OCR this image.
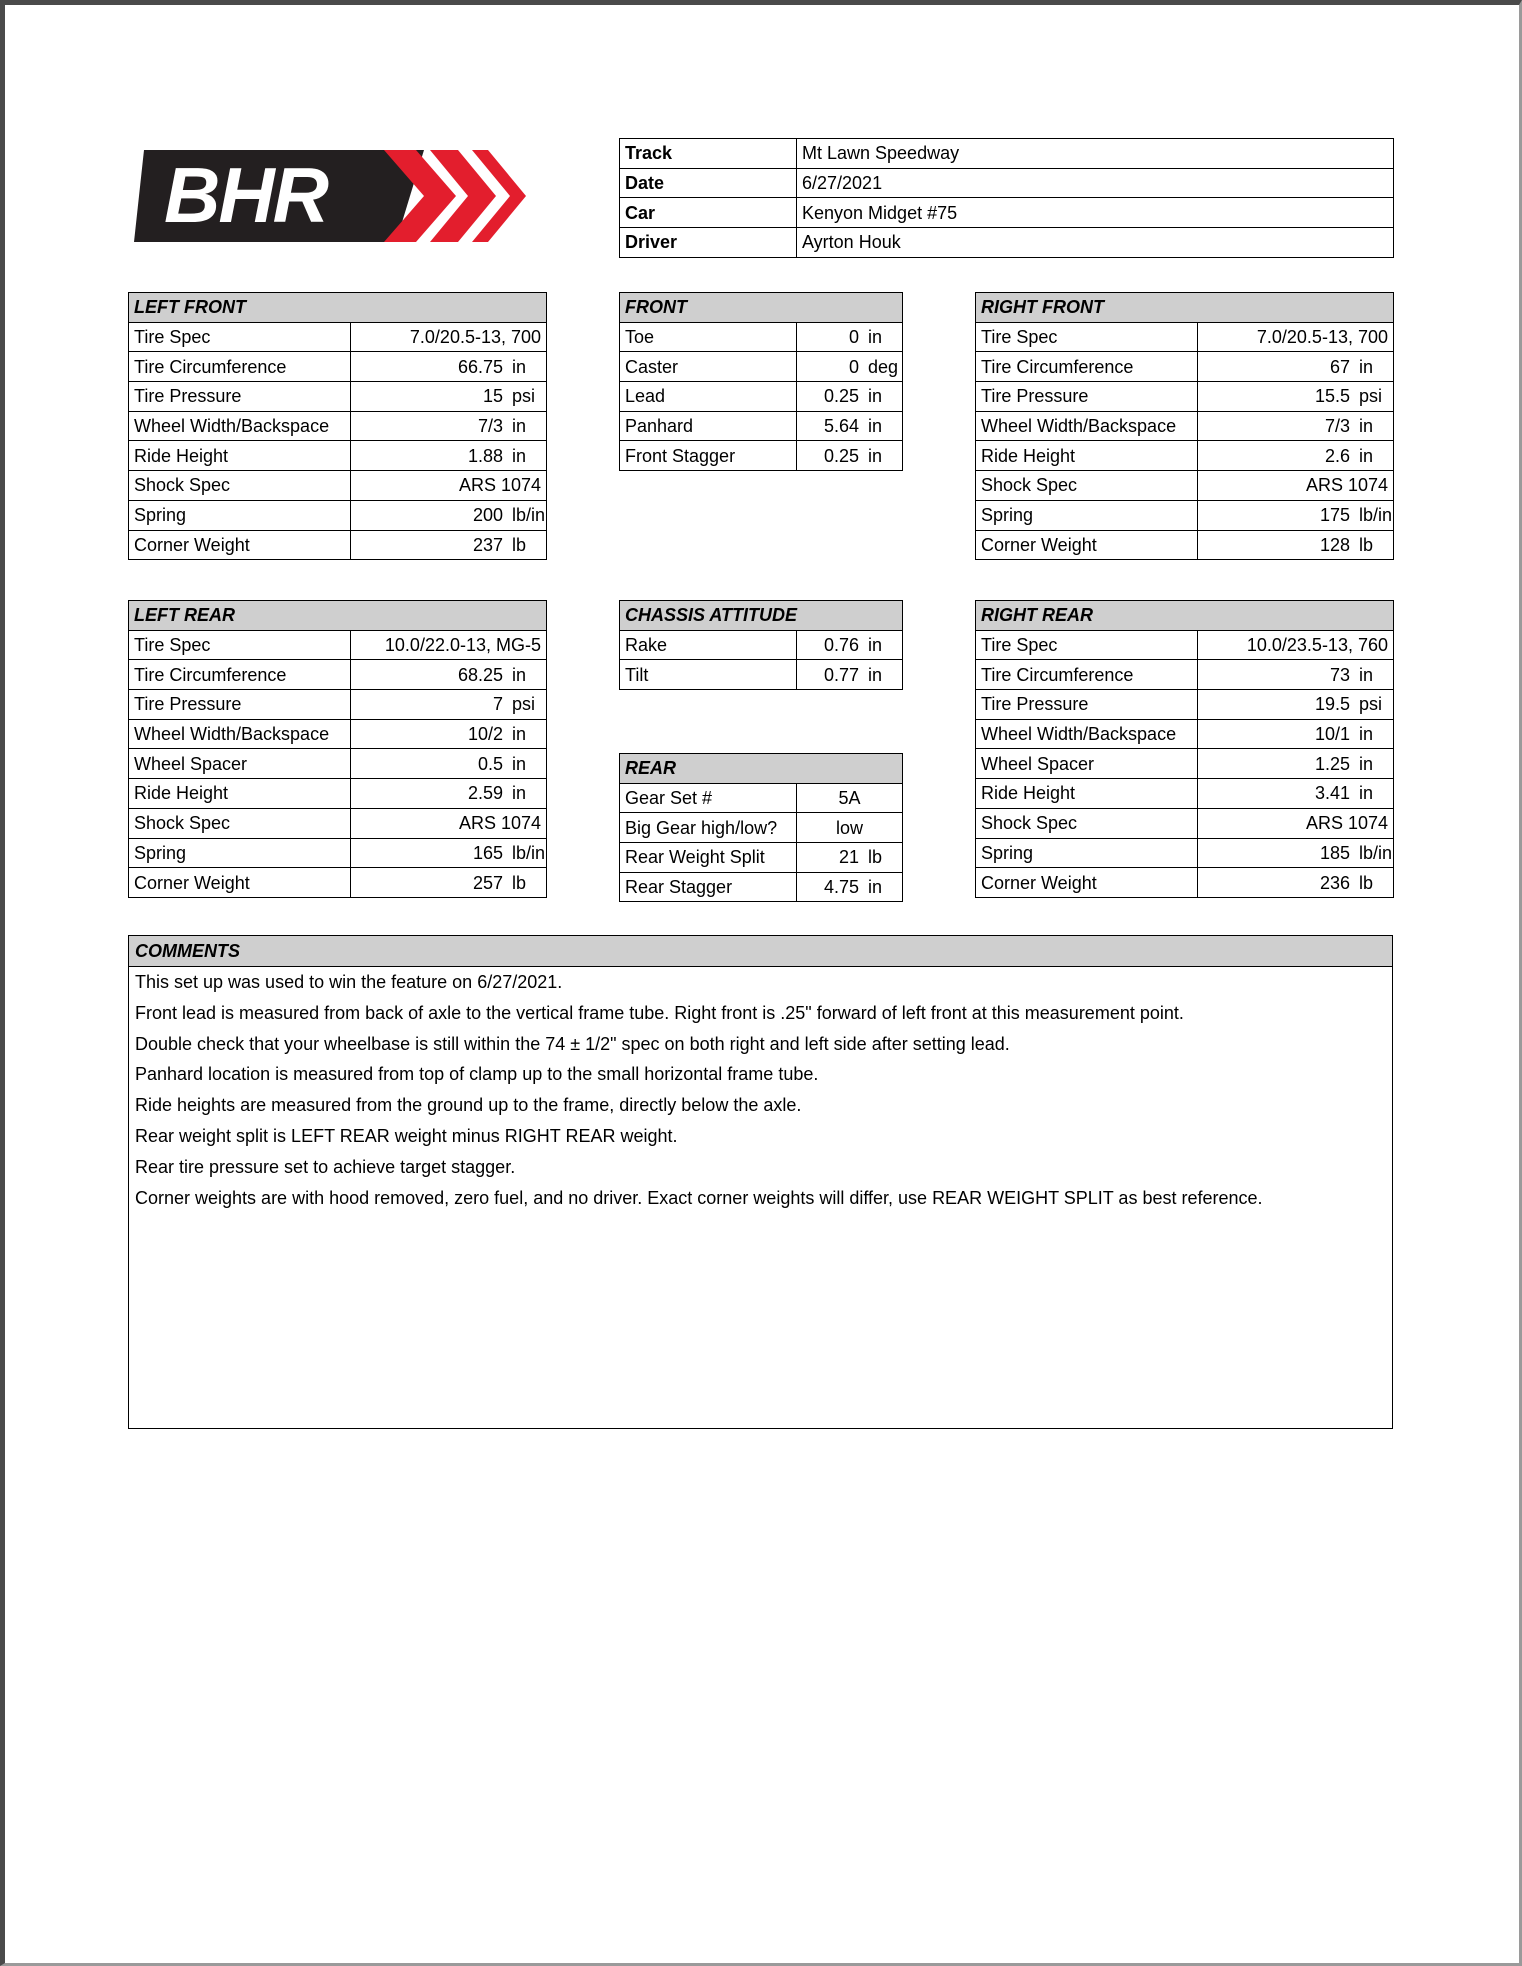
BHR	Track	Mt Lawn Speedway
Date	6/27/2021
Car	Kenyon Midget #75
Driver	Ayrton Houk
LEFT FRONT	
Tire Spec	7.0/20.5-13, 700
Tire Circumference	66.75 in
Tire Pressure	15 psi
Wheel Width/Backspace	7/3 in
Ride Height	1.88 in
Shock Spec	ARS 1074
Spring	200 lb/in
Corner Weight	237 lb
FRONT	
Toe	0 in
Caster	0 deg
Lead	0.25 in
Panhard	5.64 in
Front Stagger	0.25 in
RIGHT FRONT	
Tire Spec	7.0/20.5-13, 700
Tire Circumference	67 in
Tire Pressure	15.5 psi
Wheel Width/Backspace	7/3 in
Ride Height	2.6 in
Shock Spec	ARS 1074
Spring	175 lb/in
Corner Weight	128 lb
LEFT REAR	
Tire Spec	10.0/22.0-13, MG-5
Tire Circumference	68.25 in
Tire Pressure	7 psi
Wheel Width/Backspace	10/2 in
Wheel Spacer	0.5 in
Ride Height	2.59 in
Shock Spec	ARS 1074
Spring	165 lb/in
Corner Weight	257 lb
CHASSIS ATTITUDE	
Rake	0.76 in
Tilt	0.77 in
REAR	
Gear Set #	5A
Big Gear high/low?	low
Rear Weight Split	21 lb
Rear Stagger	4.75 in
RIGHT REAR	
Tire Spec	10.0/23.5-13, 760
Tire Circumference	73 in
Tire Pressure	19.5 psi
Wheel Width/Backspace	10/1 in
Wheel Spacer	1.25 in
Ride Height	3.41 in
Shock Spec	ARS 1074
Spring	185 lb/in
Corner Weight	236 lb
COMMENTS
This set up was used to win the feature on 6/27/2021.
Front lead is measured from back of axle to the vertical frame tube. Right front is .25" forward of left front at this measurement point.
Double check that your wheelbase is still within the 74 ± 1/2" spec on both right and left side after setting lead.
Panhard location is measured from top of clamp up to the small horizontal frame tube.
Ride heights are measured from the ground up to the frame, directly below the axle.
Rear weight split is LEFT REAR weight minus RIGHT REAR weight.
Rear tire pressure set to achieve target stagger.
Corner weights are with hood removed, zero fuel, and no driver. Exact corner weights will differ, use REAR WEIGHT SPLIT as best reference.
